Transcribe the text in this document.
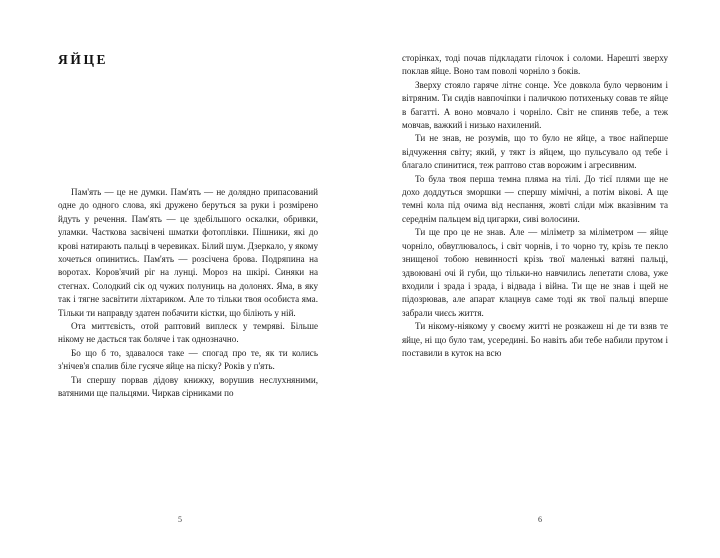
ЯЙЦЕ

Пам'ять — це не думки. Пам'ять — не долядно припасований одне до одного слова, які дружено беруться за руки і розмірено йдуть у речення. Пам'ять — це здебільшого оскалки, обривки, уламки. Часткова засвічені шматки фотоплівки. Пішники, які до крові натирають пальці в черевиках. Білий шум. Дзеркало, у якому хочеться опинитись. Пам'ять — розсічена брова. Подряпина на воротах. Коров'ячий ріг на лунці. Мороз на шкірі. Синяки на стегнах. Солодкий сік од чужих полуниць на долонях. Яма, в яку так і тягне засвітити ліхтариком. Але то тільки твоя особиста яма. Тільки ти направду здатен побачити кістки, що біліють у ній.

Ота миттєвість, отой раптовий виплеск у темряві. Більше нікому не дасться так боляче і так однозначно.

Бо що б то, здавалося таке — спогад про те, як ти колись з'нічев'я спалив біле гусяче яйце на піску? Років у п'ять.

Ти спершу порвав дідову книжку, ворушив неслухняними, ватяними ще пальцями. Чиркав сірниками по

5

сторінках, тоді почав підкладати гілочок і соломи. Нарешті зверху поклав яйце. Воно там поволі чорніло з боків.

Зверху стояло гаряче літнє сонце. Усе довкола було червоним і вітряним. Ти сидів навпочіпки і паличкою потихеньку совав те яйце в багатті. А воно мовчало і чорніло. Світ не спиняв тебе, а теж мовчав, важкий і низько нахилений.

Ти не знав, не розумів, що то було не яйце, а твоє найперше відчуження світу; який, у тякт із яйцем, що пульсувало од тебе і благало спинитися, теж раптово став ворожим і агресивним.

То була твоя перша темна пляма на тілі. До тієї плями ще не дохо доддуться зморшки — спершу мімічні, а потім вікові. А ще темні кола під очима від неспання, жовті сліди між вказівним та середнім пальцем від цигарки, сиві волосини.

Ти ще про це не знав. Але — міліметр за міліметром — яйце чорніло, обвуглювалось, і світ чорнів, і то чорно ту, крізь те пекло знищеної тобою невинності крізь твої маленькі ватяні пальці, здвоювані очі й губи, що тільки-но навчились лепетати слова, уже входили і зрада і зрада, і відвада і війна. Ти ще не знав і щей не підозрював, але апарат клацнув саме тоді як твої пальці вперше забрали чиєсь життя.

Ти нікому-ніякому у своєму житті не розкажеш ні де ти взяв те яйце, ні що було там, усередині. Бо навіть аби тебе набили прутом і поставили в куток на всю

6
